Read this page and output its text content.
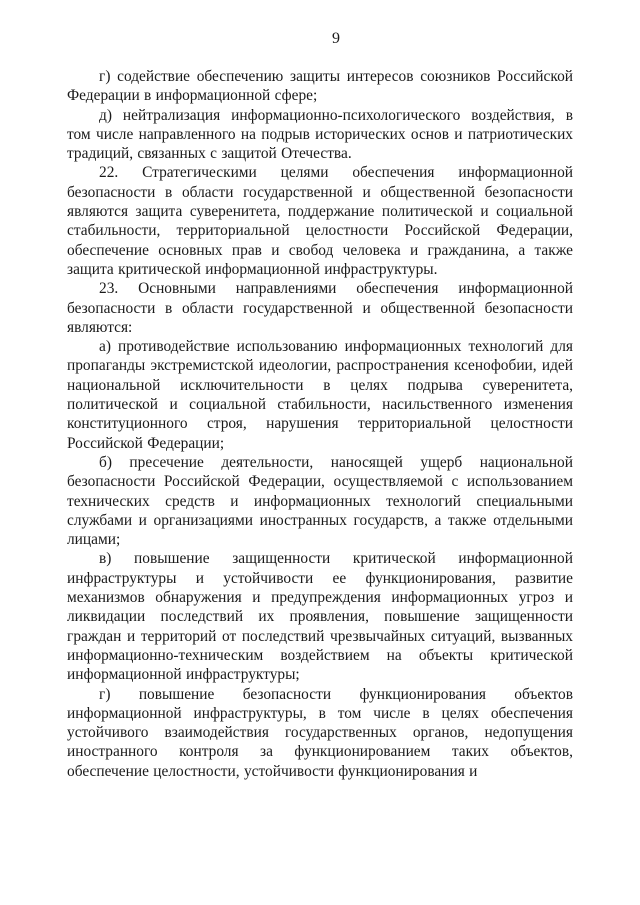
9

г) содействие обеспечению защиты интересов союзников Российской Федерации в информационной сфере;

д) нейтрализация информационно-психологического воздействия, в том числе направленного на подрыв исторических основ и патриотических традиций, связанных с защитой Отечества.

22. Стратегическими целями обеспечения информационной безопасности в области государственной и общественной безопасности являются защита суверенитета, поддержание политической и социальной стабильности, территориальной целостности Российской Федерации, обеспечение основных прав и свобод человека и гражданина, а также защита критической информационной инфраструктуры.

23. Основными направлениями обеспечения информационной безопасности в области государственной и общественной безопасности являются:

а) противодействие использованию информационных технологий для пропаганды экстремистской идеологии, распространения ксенофобии, идей национальной исключительности в целях подрыва суверенитета, политической и социальной стабильности, насильственного изменения конституционного строя, нарушения территориальной целостности Российской Федерации;

б) пресечение деятельности, наносящей ущерб национальной безопасности Российской Федерации, осуществляемой с использованием технических средств и информационных технологий специальными службами и организациями иностранных государств, а также отдельными лицами;

в) повышение защищенности критической информационной инфраструктуры и устойчивости ее функционирования, развитие механизмов обнаружения и предупреждения информационных угроз и ликвидации последствий их проявления, повышение защищенности граждан и территорий от последствий чрезвычайных ситуаций, вызванных информационно-техническим воздействием на объекты критической информационной инфраструктуры;

г) повышение безопасности функционирования объектов информационной инфраструктуры, в том числе в целях обеспечения устойчивого взаимодействия государственных органов, недопущения иностранного контроля за функционированием таких объектов, обеспечение целостности, устойчивости функционирования и
